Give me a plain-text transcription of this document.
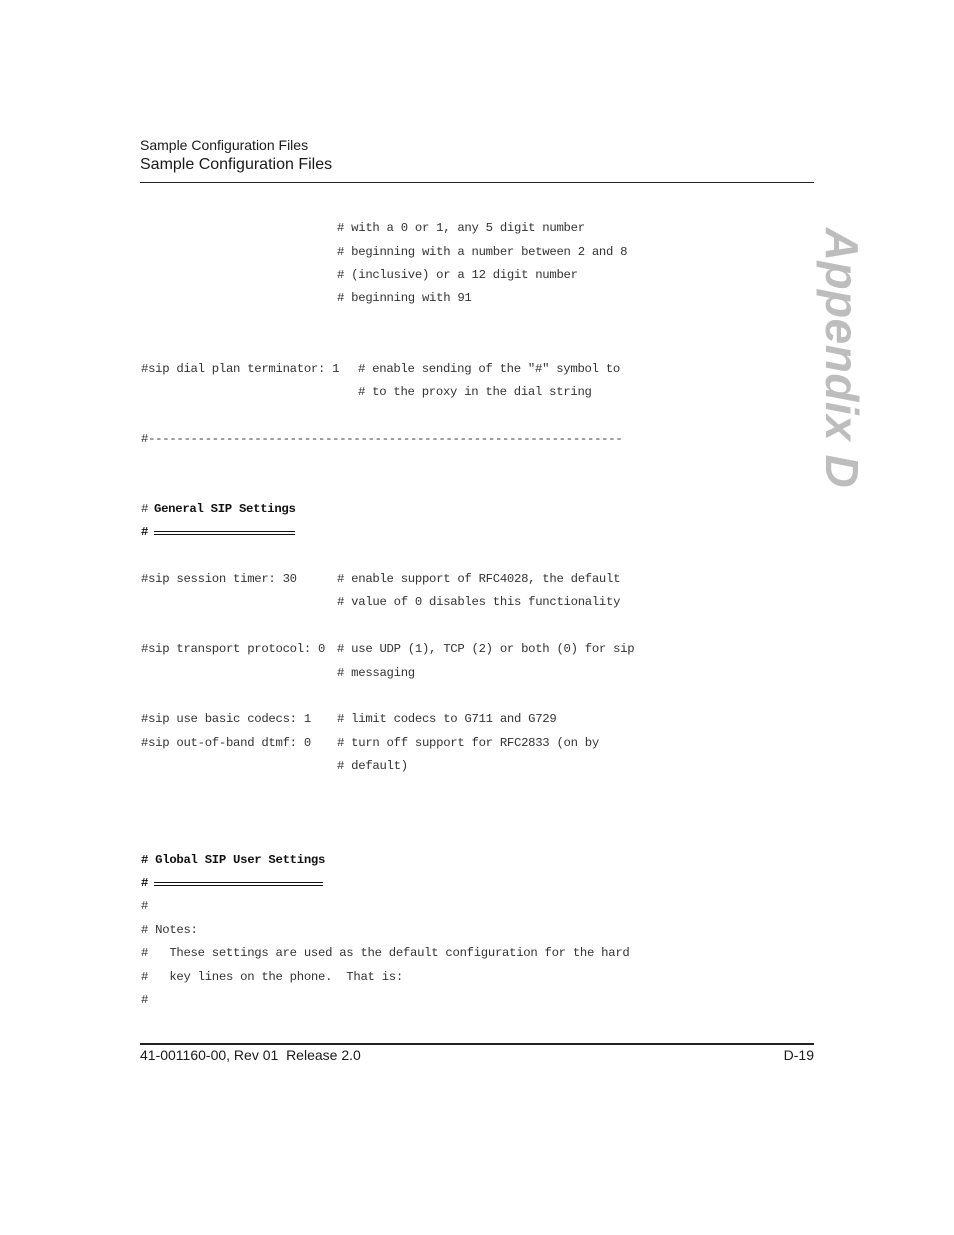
Sample Configuration Files
Sample Configuration Files
Appendix D
# with a 0 or 1, any 5 digit number
# beginning with a number between 2 and 8
# (inclusive) or a 12 digit number
# beginning with 91
#sip dial plan terminator: 1 # enable sending of the "#" symbol to
# to the proxy in the dial string
#-------------------------------------------------------------------
# General SIP Settings
#
#sip session timer: 30	# enable support of RFC4028, the default
# value of 0 disables this functionality
#sip transport protocol: 0 # use UDP (1), TCP (2) or both (0) for sip
# messaging
#sip use basic codecs: 1 # limit codecs to G711 and G729
#sip out-of-band dtmf: 0 # turn off support for RFC2833 (on by
# default)
# Global SIP User Settings
#
#
# Notes:
#   These settings are used as the default configuration for the hard
#   key lines on the phone.  That is:
#
41-001160-00, Rev 01  Release 2.0	D-19
